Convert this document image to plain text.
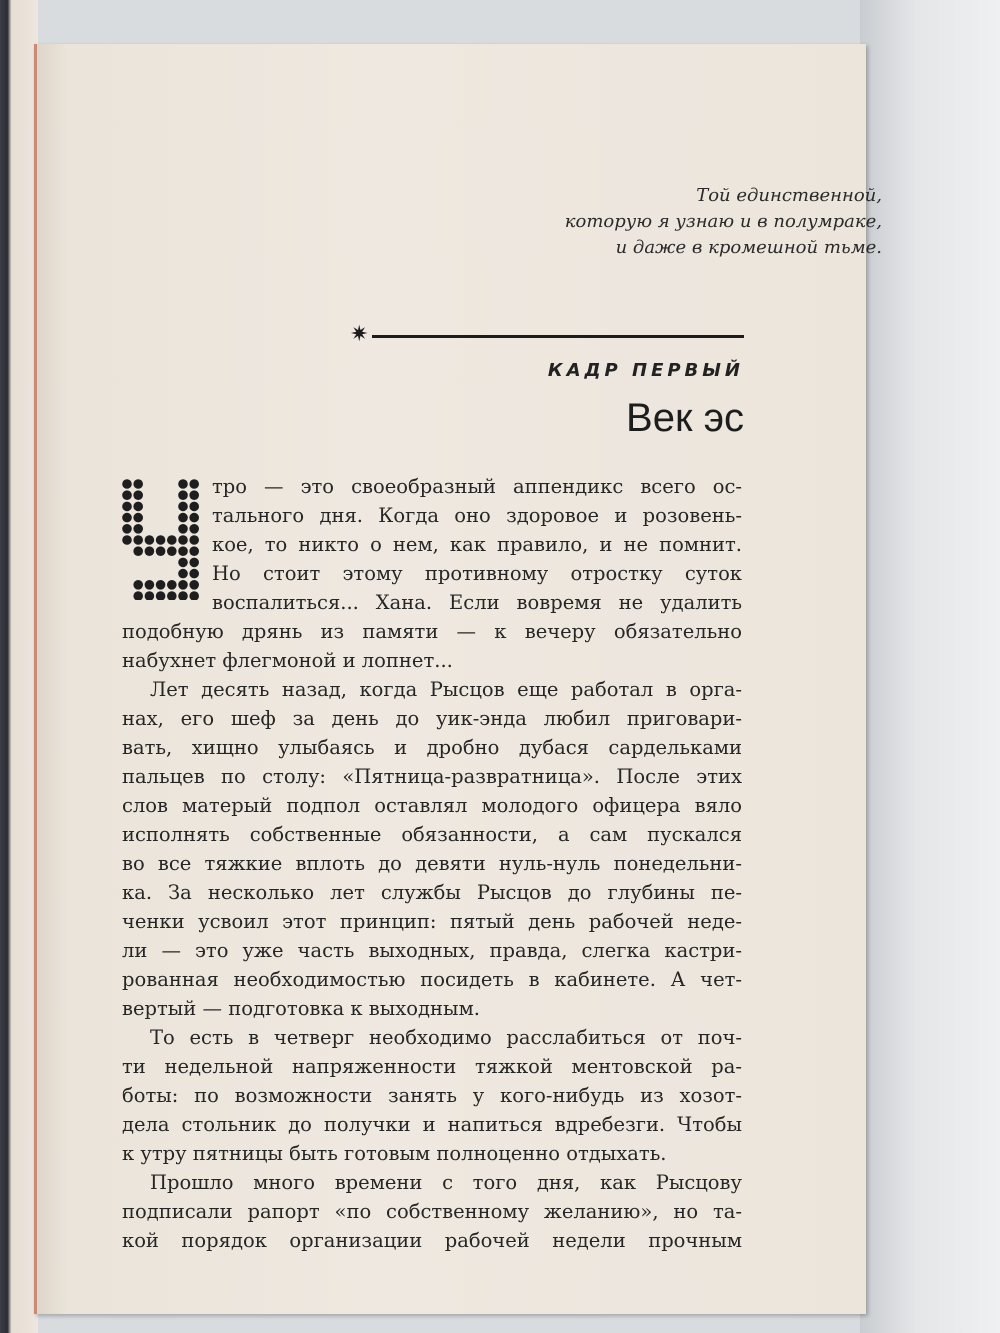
Той единственной,
которую я узнаю и в полумраке,
и даже в кромешной тьме.
✷
КАДР ПЕРВЫЙ
Век эс
тро — это своеобразный аппендикс всего ос-
тального дня. Когда оно здоровое и розовень-
кое, то никто о нем, как правило, и не помнит.
Но стоит этому противному отростку суток
воспалиться... Хана. Если вовремя не удалить
подобную дрянь из памяти — к вечеру обязательно
набухнет флегмоной и лопнет...
Лет десять назад, когда Рысцов еще работал в орга-
нах, его шеф за день до уик-энда любил приговари-
вать, хищно улыбаясь и дробно дубася сардельками
пальцев по столу: «Пятница-развратница». После этих
слов матерый подпол оставлял молодого офицера вяло
исполнять собственные обязанности, а сам пускался
во все тяжкие вплоть до девяти нуль-нуль понедельни-
ка. За несколько лет службы Рысцов до глубины пе-
ченки усвоил этот принцип: пятый день рабочей неде-
ли — это уже часть выходных, правда, слегка кастри-
рованная необходимостью посидеть в кабинете. А чет-
вертый — подготовка к выходным.
То есть в четверг необходимо расслабиться от поч-
ти недельной напряженности тяжкой ментовской ра-
боты: по возможности занять у кого-нибудь из хозот-
дела стольник до получки и напиться вдребезги. Чтобы
к утру пятницы быть готовым полноценно отдыхать.
Прошло много времени с того дня, как Рысцову
подписали рапорт «по собственному желанию», но та-
кой порядок организации рабочей недели прочным
